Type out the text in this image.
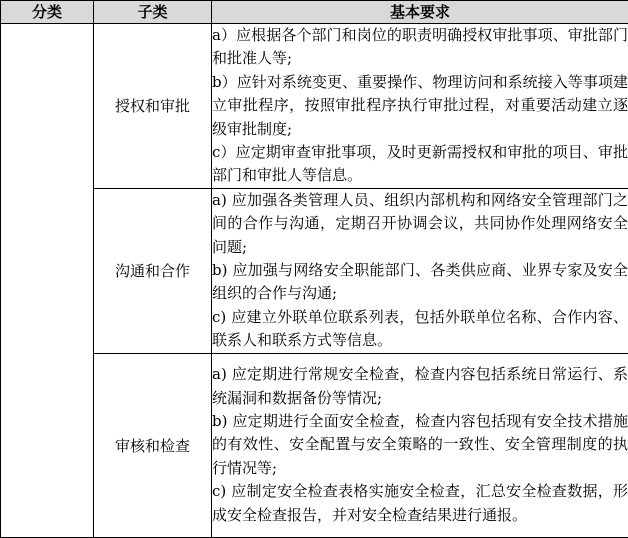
分类	子类	基本要求
	授权和审批	a）应根据各个部门和岗位的职责明确授权审批事项、审批部门和批准人等;
b）应针对系统变更、重要操作、物理访问和系统接入等事项建立审批程序，按照审批程序执行审批过程，对重要活动建立逐级审批制度;
c）应定期审查审批事项，及时更新需授权和审批的项目、审批部门和审批人等信息。

	沟通和合作	a) 应加强各类管理人员、组织内部机构和网络安全管理部门之间的合作与沟通，定期召开协调会议，共同协作处理网络安全问题;
b) 应加强与网络安全职能部门、各类供应商、业界专家及安全组织的合作与沟通;
c) 应建立外联单位联系列表，包括外联单位名称、合作内容、联系人和联系方式等信息。

	审核和检查	a) 应定期进行常规安全检查，检查内容包括系统日常运行、系统漏洞和数据备份等情况;
b) 应定期进行全面安全检查，检查内容包括现有安全技术措施的有效性、安全配置与安全策略的一致性、安全管理制度的执行情况等;
c) 应制定安全检查表格实施安全检查，汇总安全检查数据，形成安全检查报告，并对安全检查结果进行通报。
